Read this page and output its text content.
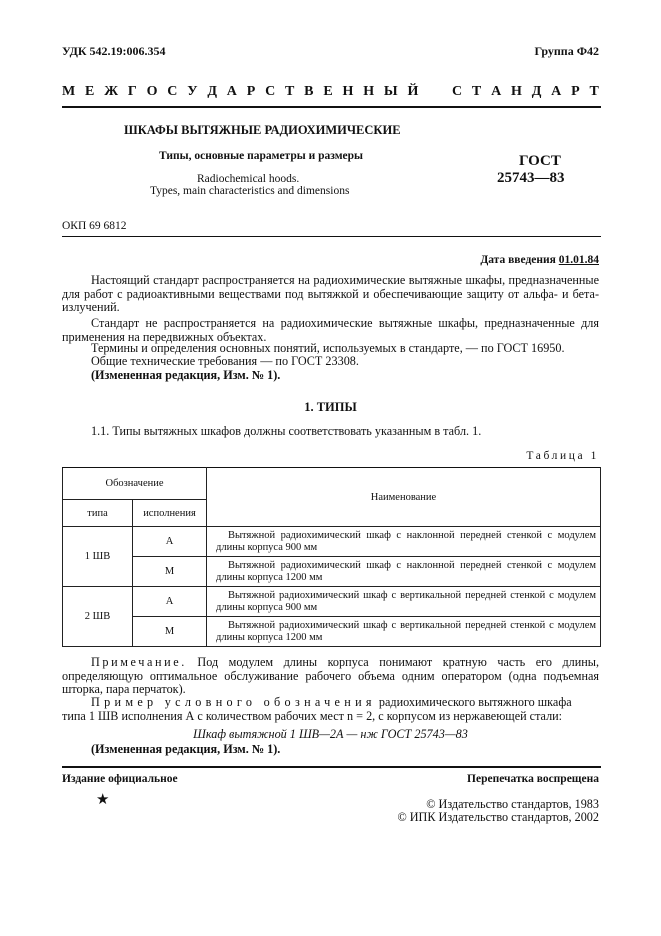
УДК 542.19:006.354	Группа Ф42
М Е Ж Г О С У Д А Р С Т В Е Н Н Ы Й С Т А Н Д А Р Т
ШКАФЫ ВЫТЯЖНЫЕ РАДИОХИМИЧЕСКИЕ
Типы, основные параметры и размеры
Radiochemical hoods.
Types, main characteristics and dimensions
ГОСТ
25743—83
ОКП 69 6812
Дата введения 01.01.84
Настоящий стандарт распространяется на радиохимические вытяжные шкафы, предназначенные для работ с радиоактивными веществами под вытяжкой и обеспечивающие защиту от альфа- и бета-излучений.
Стандарт не распространяется на радиохимические вытяжные шкафы, предназначенные для применения на передвижных объектах.
Термины и определения основных понятий, используемых в стандарте, — по ГОСТ 16950.
Общие технические требования — по ГОСТ 23308.
(Измененная редакция, Изм. № 1).
1. ТИПЫ
1.1. Типы вытяжных шкафов должны соответствовать указанным в табл. 1.
Таблица 1
Обозначение		Наименование
типа	исполнения	
1 ШВ	А	Вытяжной радиохимический шкаф с наклонной передней стенкой с модулем длины корпуса 900 мм
	М	Вытяжной радиохимический шкаф с наклонной передней стенкой с модулем длины корпуса 1200 мм
2 ШВ	А	Вытяжной радиохимический шкаф с вертикальной передней стенкой с модулем длины корпуса 900 мм
	М	Вытяжной радиохимический шкаф с вертикальной передней стенкой с модулем длины корпуса 1200 мм
Примечание. Под модулем длины корпуса понимают кратную часть его длины, определяющую оптимальное обслуживание рабочего объема одним оператором (одна подъемная шторка, пара перчаток).
Пример условного обозначения радиохимического вытяжного шкафа
типа 1 ШВ исполнения А с количеством рабочих мест n = 2, с корпусом из нержавеющей стали:
Шкаф вытяжной 1 ШВ—2А — нж ГОСТ 25743—83
(Измененная редакция, Изм. № 1).
Издание официальное	Перепечатка воспрещена
★	© Издательство стандартов, 1983
© ИПК Издательство стандартов, 2002
